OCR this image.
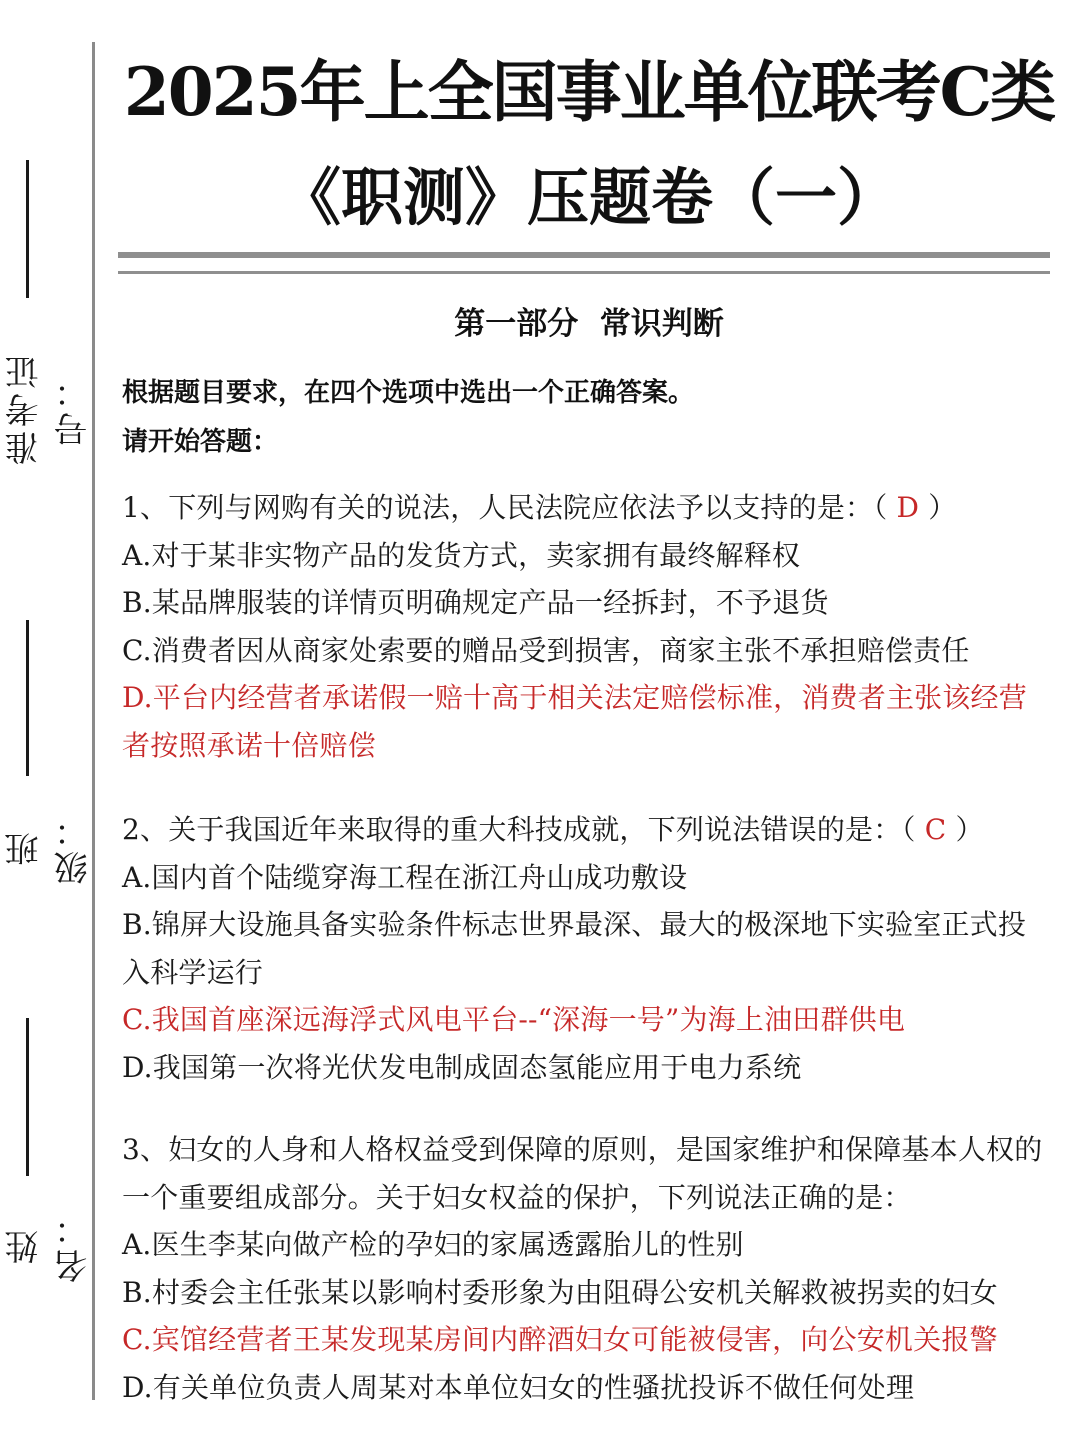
准考证号：
班级：
姓名：
2025年上全国事业单位联考C类
《职测》压题卷（一）
第一部分  常识判断
根据题目要求，在四个选项中选出一个正确答案。
请开始答题：
1、下列与网购有关的说法，人民法院应依法予以支持的是：（ D ）
A.对于某非实物产品的发货方式，卖家拥有最终解释权
B.某品牌服装的详情页明确规定产品一经拆封，不予退货
C.消费者因从商家处索要的赠品受到损害，商家主张不承担赔偿责任
D.平台内经营者承诺假一赔十高于相关法定赔偿标准，消费者主张该经营者按照承诺十倍赔偿
2、关于我国近年来取得的重大科技成就，下列说法错误的是：（ C ）
A.国内首个陆缆穿海工程在浙江舟山成功敷设
B.锦屏大设施具备实验条件标志世界最深、最大的极深地下实验室正式投入科学运行
C.我国首座深远海浮式风电平台--“深海一号”为海上油田群供电
D.我国第一次将光伏发电制成固态氢能应用于电力系统
3、妇女的人身和人格权益受到保障的原则，是国家维护和保障基本人权的一个重要组成部分。关于妇女权益的保护，下列说法正确的是：
A.医生李某向做产检的孕妇的家属透露胎儿的性别
B.村委会主任张某以影响村委形象为由阻碍公安机关解救被拐卖的妇女
C.宾馆经营者王某发现某房间内醉酒妇女可能被侵害，向公安机关报警
D.有关单位负责人周某对本单位妇女的性骚扰投诉不做任何处理
